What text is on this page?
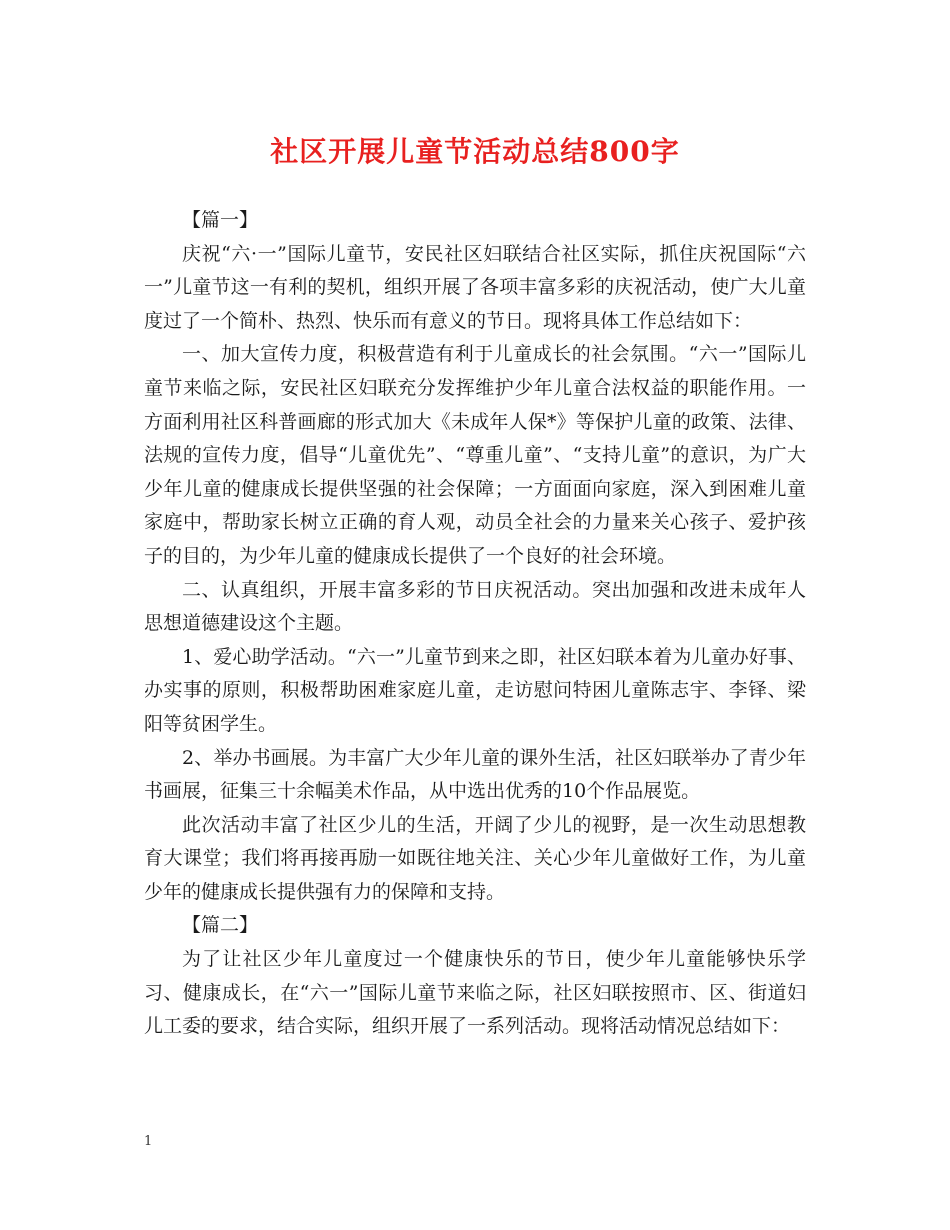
社区开展儿童节活动总结800字

【篇一】

庆祝“六·一”国际儿童节，安民社区妇联结合社区实际，抓住庆祝国际“六一”儿童节这一有利的契机，组织开展了各项丰富多彩的庆祝活动，使广大儿童度过了一个简朴、热烈、快乐而有意义的节日。现将具体工作总结如下：

一、加大宣传力度，积极营造有利于儿童成长的社会氛围。“六一”国际儿童节来临之际，安民社区妇联充分发挥维护少年儿童合法权益的职能作用。一方面利用社区科普画廊的形式加大《未成年人保*》等保护儿童的政策、法律、法规的宣传力度，倡导“儿童优先”、“尊重儿童”、“支持儿童”的意识，为广大少年儿童的健康成长提供坚强的社会保障；一方面面向家庭，深入到困难儿童家庭中，帮助家长树立正确的育人观，动员全社会的力量来关心孩子、爱护孩子的目的，为少年儿童的健康成长提供了一个良好的社会环境。

二、认真组织，开展丰富多彩的节日庆祝活动。突出加强和改进未成年人思想道德建设这个主题。

1、爱心助学活动。“六一”儿童节到来之即，社区妇联本着为儿童办好事、办实事的原则，积极帮助困难家庭儿童，走访慰问特困儿童陈志宇、李铎、梁阳等贫困学生。

2、举办书画展。为丰富广大少年儿童的课外生活，社区妇联举办了青少年书画展，征集三十余幅美术作品，从中选出优秀的10个作品展览。

此次活动丰富了社区少儿的生活，开阔了少儿的视野，是一次生动思想教育大课堂；我们将再接再励一如既往地关注、关心少年儿童做好工作，为儿童少年的健康成长提供强有力的保障和支持。

【篇二】

为了让社区少年儿童度过一个健康快乐的节日，使少年儿童能够快乐学习、健康成长，在“六一”国际儿童节来临之际，社区妇联按照市、区、街道妇儿工委的要求，结合实际，组织开展了一系列活动。现将活动情况总结如下：

1
